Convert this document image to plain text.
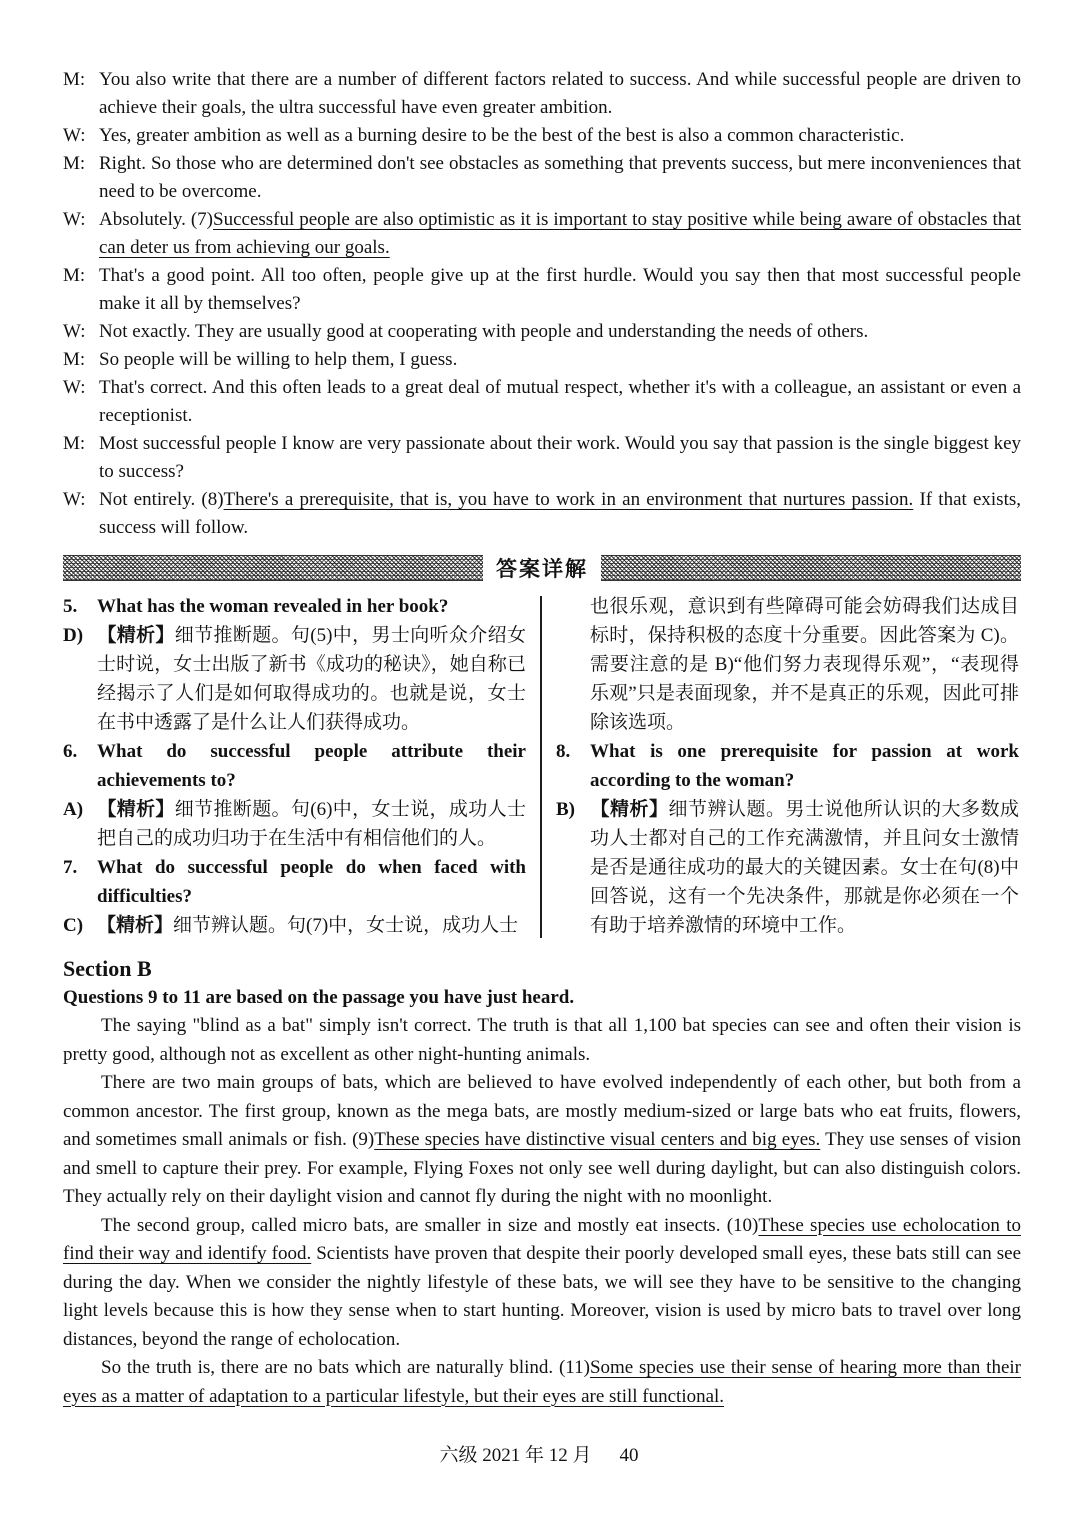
M: You also write that there are a number of different factors related to success. And while successful people are driven to achieve their goals, the ultra successful have even greater ambition.
W: Yes, greater ambition as well as a burning desire to be the best of the best is also a common characteristic.
M: Right. So those who are determined don't see obstacles as something that prevents success, but mere inconveniences that need to be overcome.
W: Absolutely. (7)Successful people are also optimistic as it is important to stay positive while being aware of obstacles that can deter us from achieving our goals.
M: That's a good point. All too often, people give up at the first hurdle. Would you say then that most successful people make it all by themselves?
W: Not exactly. They are usually good at cooperating with people and understanding the needs of others.
M: So people will be willing to help them, I guess.
W: That's correct. And this often leads to a great deal of mutual respect, whether it's with a colleague, an assistant or even a receptionist.
M: Most successful people I know are very passionate about their work. Would you say that passion is the single biggest key to success?
W: Not entirely. (8)There's a prerequisite, that is, you have to work in an environment that nurtures passion. If that exists, success will follow.
答案详解
5. What has the woman revealed in her book?
D) 【精析】细节推断题。句(5)中，男士向听众介绍女士时说，女士出版了新书《成功的秘诀》，她自称已经揭示了人们是如何取得成功的。也就是说，女士在书中透露了是什么让人们获得成功。
6. What do successful people attribute their achievements to?
A) 【精析】细节推断题。句(6)中，女士说，成功人士把自己的成功归功于在生活中有相信他们的人。
7. What do successful people do when faced with difficulties?
C) 【精析】细节辨认题。句(7)中，女士说，成功人士
也很乐观，意识到有些障碍可能会妨碍我们达成目标时，保持积极的态度十分重要。因此答案为 C)。需要注意的是 B)“他们努力表现得乐观”，“表现得乐观”只是表面现象，并不是真正的乐观，因此可排除该选项。
8. What is one prerequisite for passion at work according to the woman?
B) 【精析】细节辨认题。男士说他所认识的大多数成功人士都对自己的工作充满激情，并且问女士激情是否是通往成功的最大的关键因素。女士在句(8)中回答说，这有一个先决条件，那就是你必须在一个有助于培养激情的环境中工作。
Section B

Questions 9 to 11 are based on the passage you have just heard.

The saying "blind as a bat" simply isn't correct. The truth is that all 1,100 bat species can see and often their vision is pretty good, although not as excellent as other night-hunting animals.

There are two main groups of bats, which are believed to have evolved independently of each other, but both from a common ancestor. The first group, known as the mega bats, are mostly medium-sized or large bats who eat fruits, flowers, and sometimes small animals or fish. (9)These species have distinctive visual centers and big eyes. They use senses of vision and smell to capture their prey. For example, Flying Foxes not only see well during daylight, but can also distinguish colors. They actually rely on their daylight vision and cannot fly during the night with no moonlight.

The second group, called micro bats, are smaller in size and mostly eat insects. (10)These species use echolocation to find their way and identify food. Scientists have proven that despite their poorly developed small eyes, these bats still can see during the day. When we consider the nightly lifestyle of these bats, we will see they have to be sensitive to the changing light levels because this is how they sense when to start hunting. Moreover, vision is used by micro bats to travel over long distances, beyond the range of echolocation.

So the truth is, there are no bats which are naturally blind. (11)Some species use their sense of hearing more than their eyes as a matter of adaptation to a particular lifestyle, but their eyes are still functional.

六级 2021 年 12 月 40
